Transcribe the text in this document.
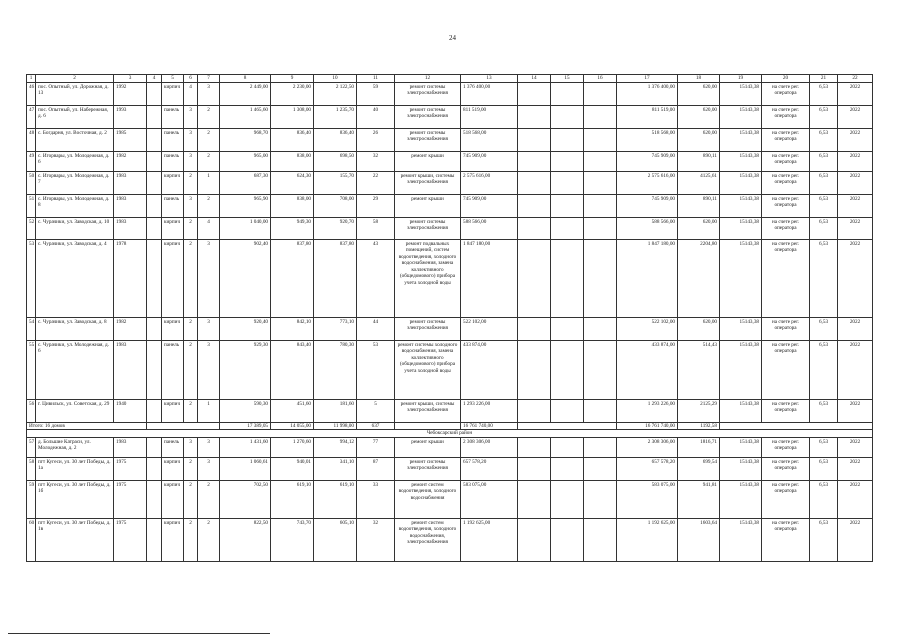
24
1	2	3	4	5	6	7	8	9	10	11	12	13	14	15	16	17	18	19	20	21	22
46	пос. Опытный, ул. Дорожная, д. 13	1992		кирпич	4	3	2 449,00	2 230,00	2 122,50	59	ремонт системы электроснабжения	1 376 400,00				1 376 400,00	620,00	15143,38	на счете рег. оператора	6,53	2022
47	пос. Опытный, ул. Набережная, д. 6	1993		панель	3	2	1 465,60	1 308,00	1 235,70	40	ремонт системы электроснабжения	811 519,00				811 519,00	620,00	15143,38	на счете рег. оператора	6,53	2022
48	с. Богдарня, ул. Восточная, д. 2	1985		панель	3	2	968,70	836,40	836,40	26	ремонт системы электроснабжения	518 568,00				518 568,00	620,00	15143,38	на счете рег. оператора	6,53	2022
49	с. Игорвары, ул. Молодежная, д. 6	1982		панель	3	2	965,00	838,00	698,50	32	ремонт крыши	745 909,00				745 909,00	890,11	15143,38	на счете рег. оператора	6,53	2022
50	с. Игорвары, ул. Молодежная, д. 7	1983		кирпич	2	1	687,30	624,30	155,70	22	ремонт крыши, системы электроснабжения	2 575 616,00				2 575 616,00	4125,61	15143,38	на счете рег. оператора	6,53	2022
51	с. Игорвары, ул. Молодежная, д. 8	1983		панель	3	2	965,90	838,00	708,00	29	ремонт крыши	745 909,00				745 909,00	890,11	15143,38	на счете рег. оператора	6,53	2022
52	с. Чурачики, ул. Заводская, д. 10	1983		кирпич	2	4	1 040,00	949,30	920,70	58	ремонт системы электроснабжения	588 566,00				588 566,00	620,00	15143,38	на счете рег. оператора	6,53	2022
53	с. Чурачики, ул. Заводская, д. 4	1978		кирпич	2	3	902,40	837,80	837,80	43	ремонт подвальных помещений, систем водоотведения, холодного водоснабжения, замена коллективного (общедомового) прибора учета холодной воды	1 847 180,00				1 847 180,00	2204,80	15143,38	на счете рег. оператора	6,53	2022
54	с. Чурачики, ул. Заводская, д. 8	1982		кирпич	2	3	920,40	842,10	773,10	44	ремонт системы электроснабжения	522 102,00				522 102,00	620,00	15143,38	на счете рег. оператора	6,53	2022
55	с. Чурачики, ул. Молодежная, д. 6	1983		панель	2	3	929,30	843,40	780,30	53	ремонт системы холодного водоснабжения, замена коллективного (общедомового) прибора учета холодной воды	433 874,00				433 874,00	514,43	15143,38	на счете рег. оператора	6,53	2022
56	г. Цивильск, ул. Советская, д. 29	1940		кирпич	2	1	590,30	451,60	181,60	5	ремонт крыши, системы электроснабжения	1 293 226,00				1 293 226,00	2125,29	15143,38	на счете рег. оператора	6,53	2022
Итого: 16 домов							17 389,05	14 055,00	11 998,00	637		16 761 740,00				16 761 740,00	1192,58				
Чебоксарский район																					
57	д. Большие Катраси, ул. Молодежная, д. 2	1983		панель	3	3	1 431,60	1 270,60	994,12	77	ремонт крыши	2 308 306,00				2 308 306,00	1816,71	15143,38	на счете рег. оператора	6,53	2022
58	пгт Кугеси, ул. 30 лет Победы, д. 1а	1975		кирпич	2	3	1 060,61	940,01	341,10	87	ремонт системы электроснабжения	657 578,20				657 578,20	699,54	15143,38	на счете рег. оператора	6,53	2022
59	пгт Кугеси, ул. 30 лет Победы, д. 1б	1975		кирпич	2	2	702,50	619,10	619,10	33	ремонт систем водоотведения, холодного водоснабжения	583 075,00				583 075,00	941,81	15143,38	на счете рег. оператора	6,53	2022
60	пгт Кугеси, ул. 30 лет Победы, д. 1в	1975		кирпич	2	2	822,50	743,70	605,10	32	ремонт систем водоотведения, холодного водоснабжения, электроснабжения	1 192 625,00				1 192 625,00	1603,64	15143,38	на счете рег. оператора	6,53	2022
